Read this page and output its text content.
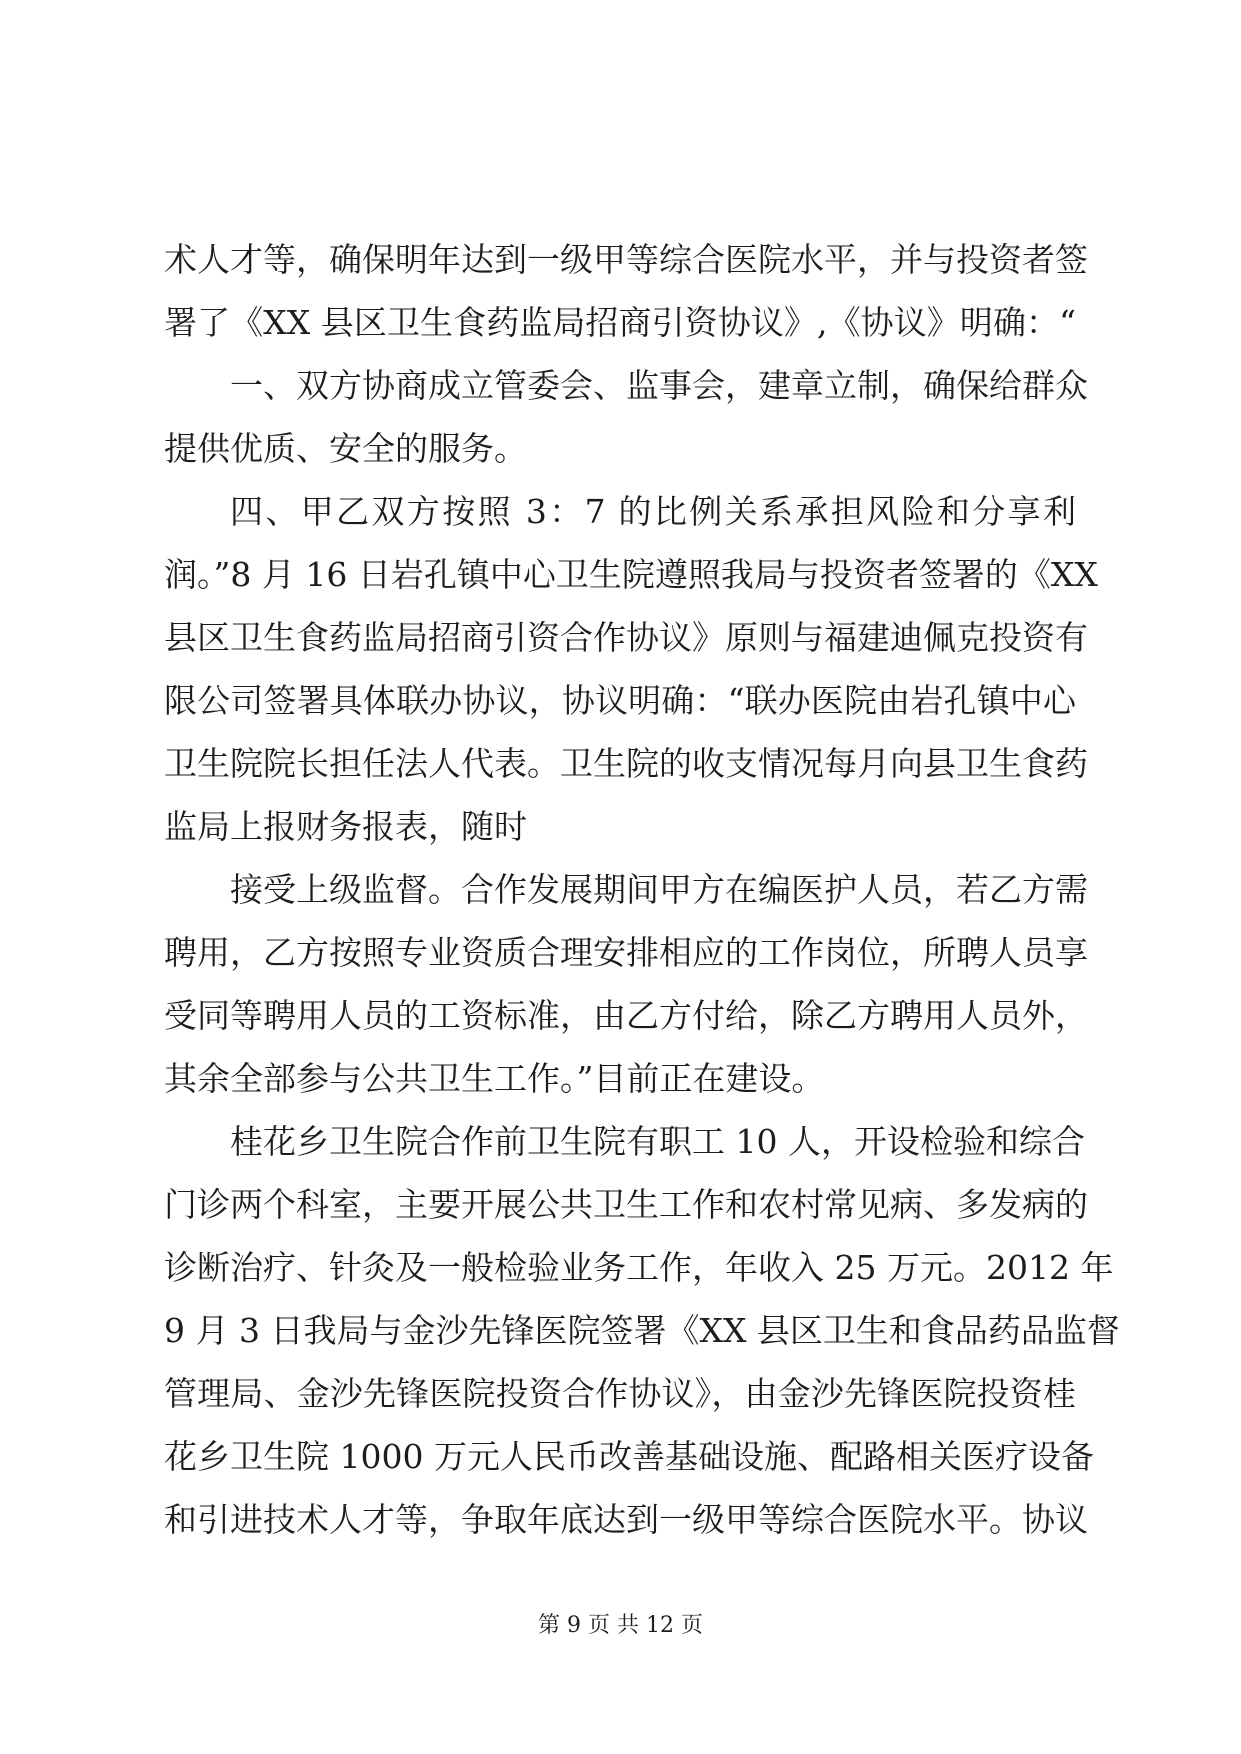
术人才等，确保明年达到一级甲等综合医院水平，并与投资者签
署了《XX 县区卫生食药监局招商引资协议》,《协议》明确：“
一、双方协商成立管委会、监事会，建章立制，确保给群众
提供优质、安全的服务。
四、甲乙双方按照 3：7 的比例关系承担风险和分享利
润。”8 月 16 日岩孔镇中心卫生院遵照我局与投资者签署的《XX
县区卫生食药监局招商引资合作协议》原则与福建迪佩克投资有
限公司签署具体联办协议，协议明确：“联办医院由岩孔镇中心
卫生院院长担任法人代表。卫生院的收支情况每月向县卫生食药
监局上报财务报表，随时
接受上级监督。合作发展期间甲方在编医护人员，若乙方需
聘用，乙方按照专业资质合理安排相应的工作岗位，所聘人员享
受同等聘用人员的工资标准，由乙方付给，除乙方聘用人员外，
其余全部参与公共卫生工作。”目前正在建设。
桂花乡卫生院合作前卫生院有职工 10 人，开设检验和综合
门诊两个科室，主要开展公共卫生工作和农村常见病、多发病的
诊断治疗、针灸及一般检验业务工作，年收入 25 万元。2012 年
9 月 3 日我局与金沙先锋医院签署《XX 县区卫生和食品药品监督
管理局、金沙先锋医院投资合作协议》，由金沙先锋医院投资桂
花乡卫生院 1000 万元人民币改善基础设施、配路相关医疗设备
和引进技术人才等，争取年底达到一级甲等综合医院水平。协议
第 9 页 共 12 页
